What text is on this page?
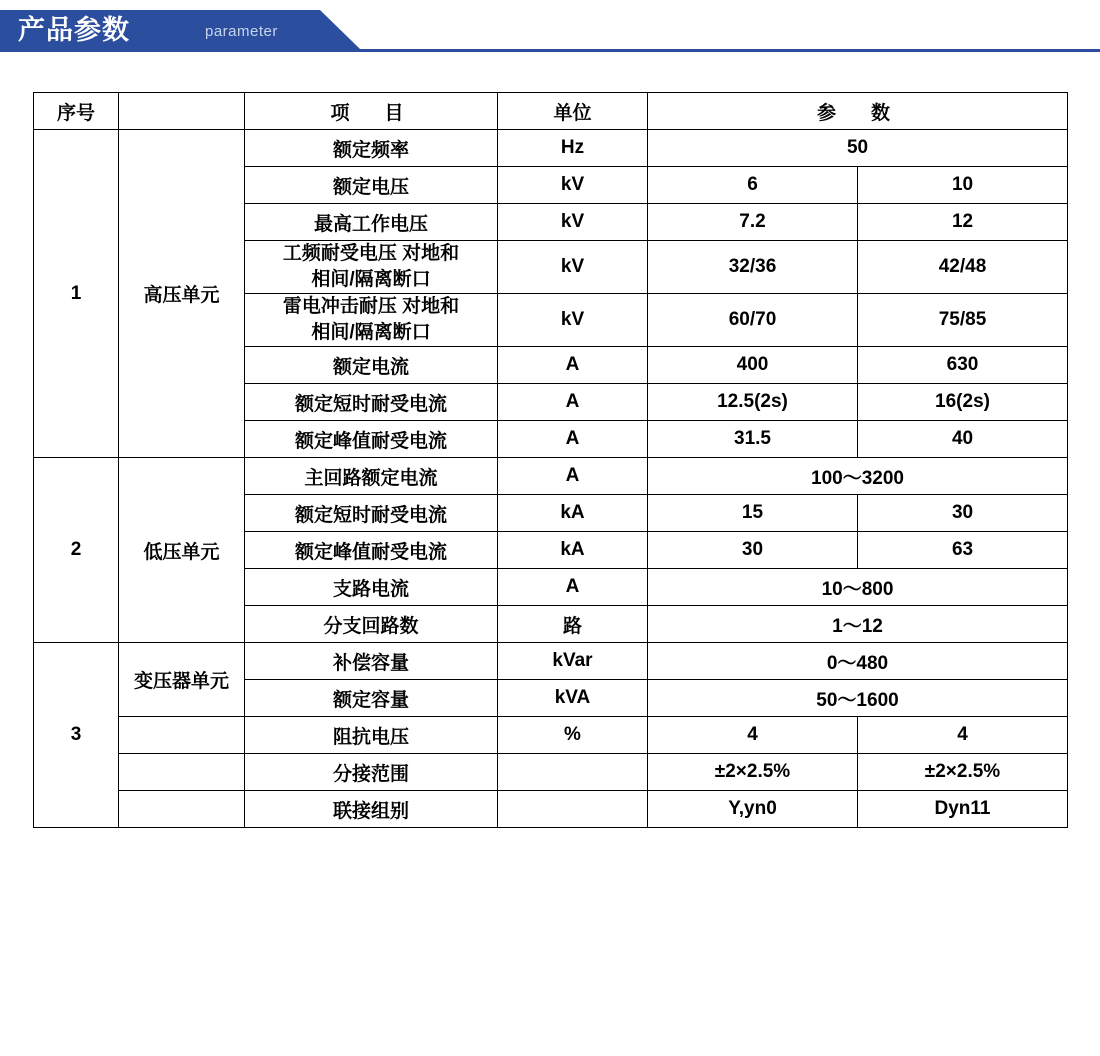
产品参数	parameter
序号		项　目	单位	参　数	
1	高压单元	额定频率	Hz	50	
		额定电压	kV	6	10
		最高工作电压	kV	7.2	12

		工频耐受电压 对地和
相间/隔离断口	kV	32/36	42/48

		雷电冲击耐压 对地和
相间/隔离断口	kV	60/70	75/85
		额定电流	A	400	630
		额定短时耐受电流	A	12.5(2s)	16(2s)
		额定峰值耐受电流	A	31.5	40
2	低压单元	主回路额定电流	A	100～3200	
		额定短时耐受电流	kA	15	30
		额定峰值耐受电流	kA	30	63
		支路电流	A	10～800	
		分支回路数	路	1～12	
3	变压器单元	补偿容量	kVar	0～480	
		额定容量	kVA	50～1600	
		阻抗电压	%	4	4
		分接范围		±2×2.5%	±2×2.5%
		联接组别		Y,yn0	Dyn11
